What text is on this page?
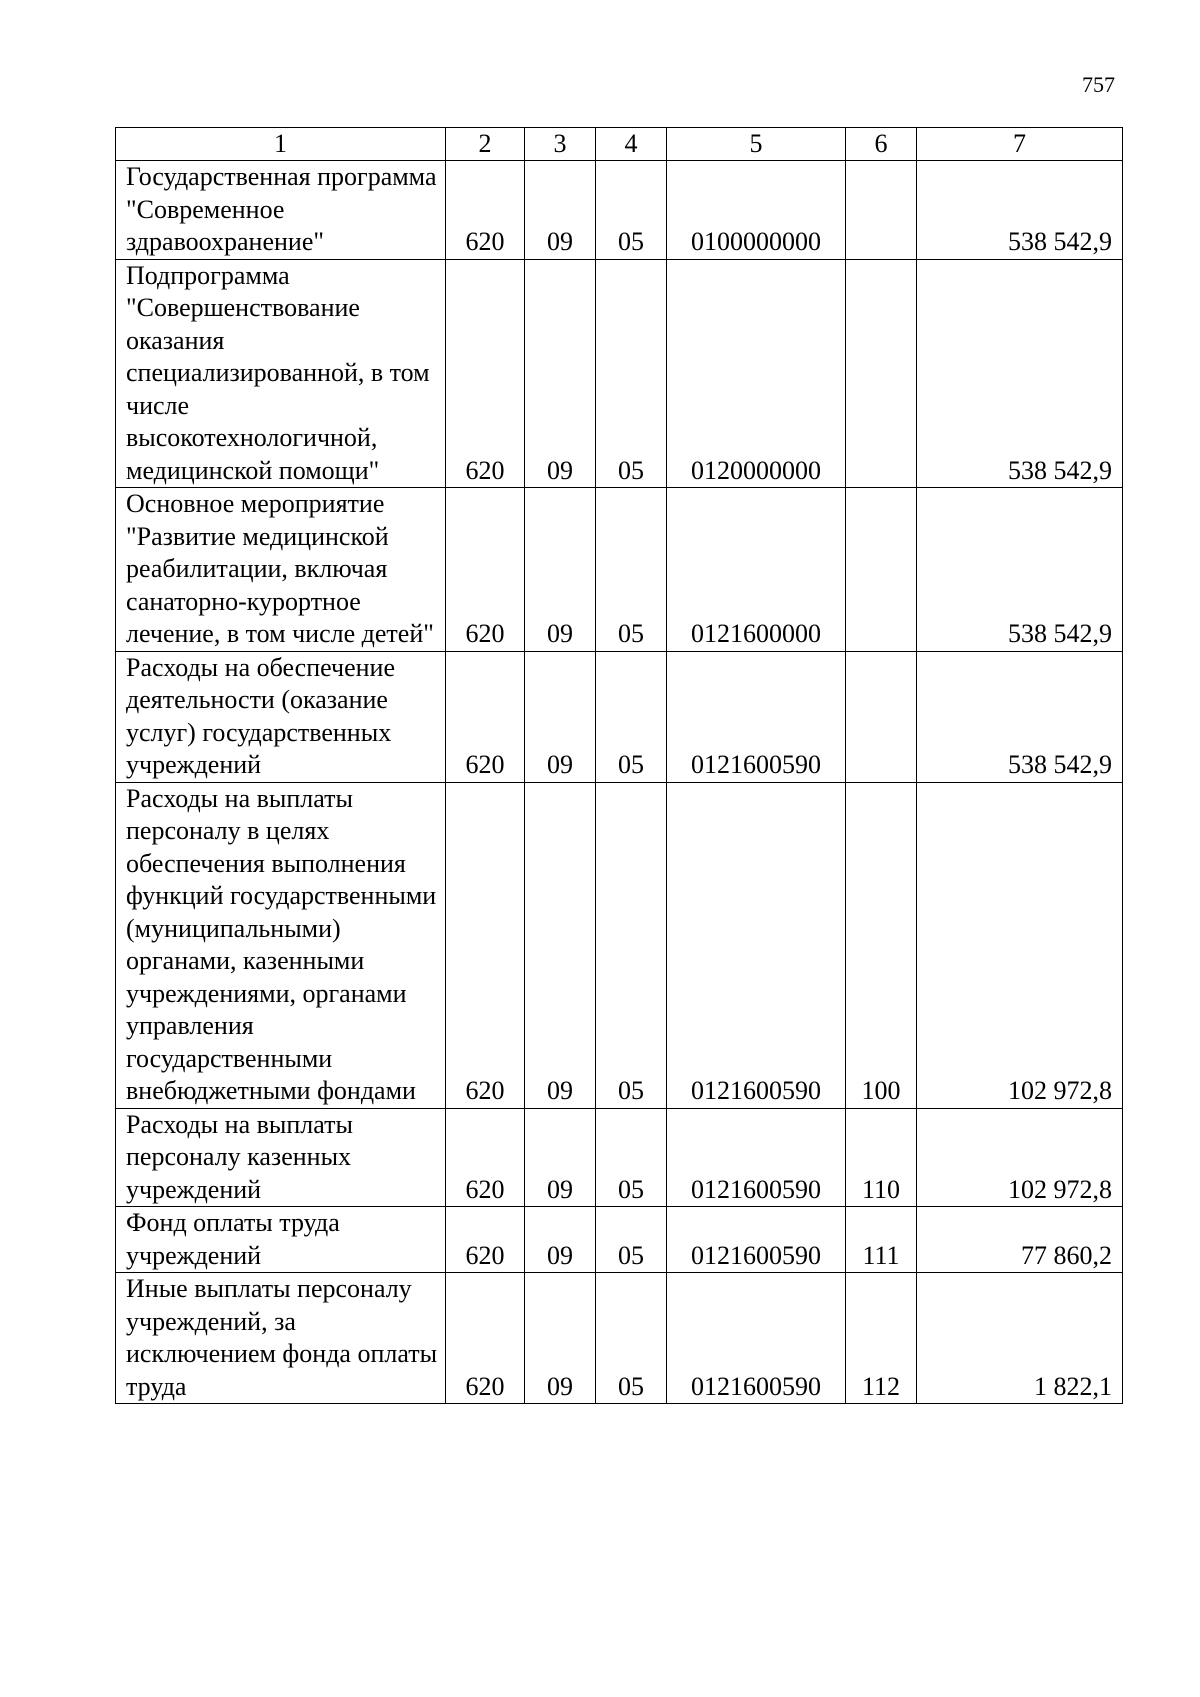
757
1	2	3	4	5	6	7
Государственная программа "Современное здравоохранение"	620	09	05	0100000000		538 542,9
Подпрограмма "Совершенствование оказания специализированной, в том числе высокотехнологичной, медицинской помощи"	620	09	05	0120000000		538 542,9
Основное мероприятие "Развитие медицинской реабилитации, включая санаторно-курортное лечение, в том числе детей"	620	09	05	0121600000		538 542,9
Расходы на обеспечение деятельности (оказание услуг) государственных учреждений	620	09	05	0121600590		538 542,9
Расходы на выплаты персоналу в целях обеспечения выполнения функций государственными (муниципальными) органами, казенными учреждениями, органами управления государственными внебюджетными фондами	620	09	05	0121600590	100	102 972,8
Расходы на выплаты персоналу казенных учреждений	620	09	05	0121600590	110	102 972,8
Фонд оплаты труда учреждений	620	09	05	0121600590	111	77 860,2
Иные выплаты персоналу учреждений, за исключением фонда оплаты труда	620	09	05	0121600590	112	1 822,1
